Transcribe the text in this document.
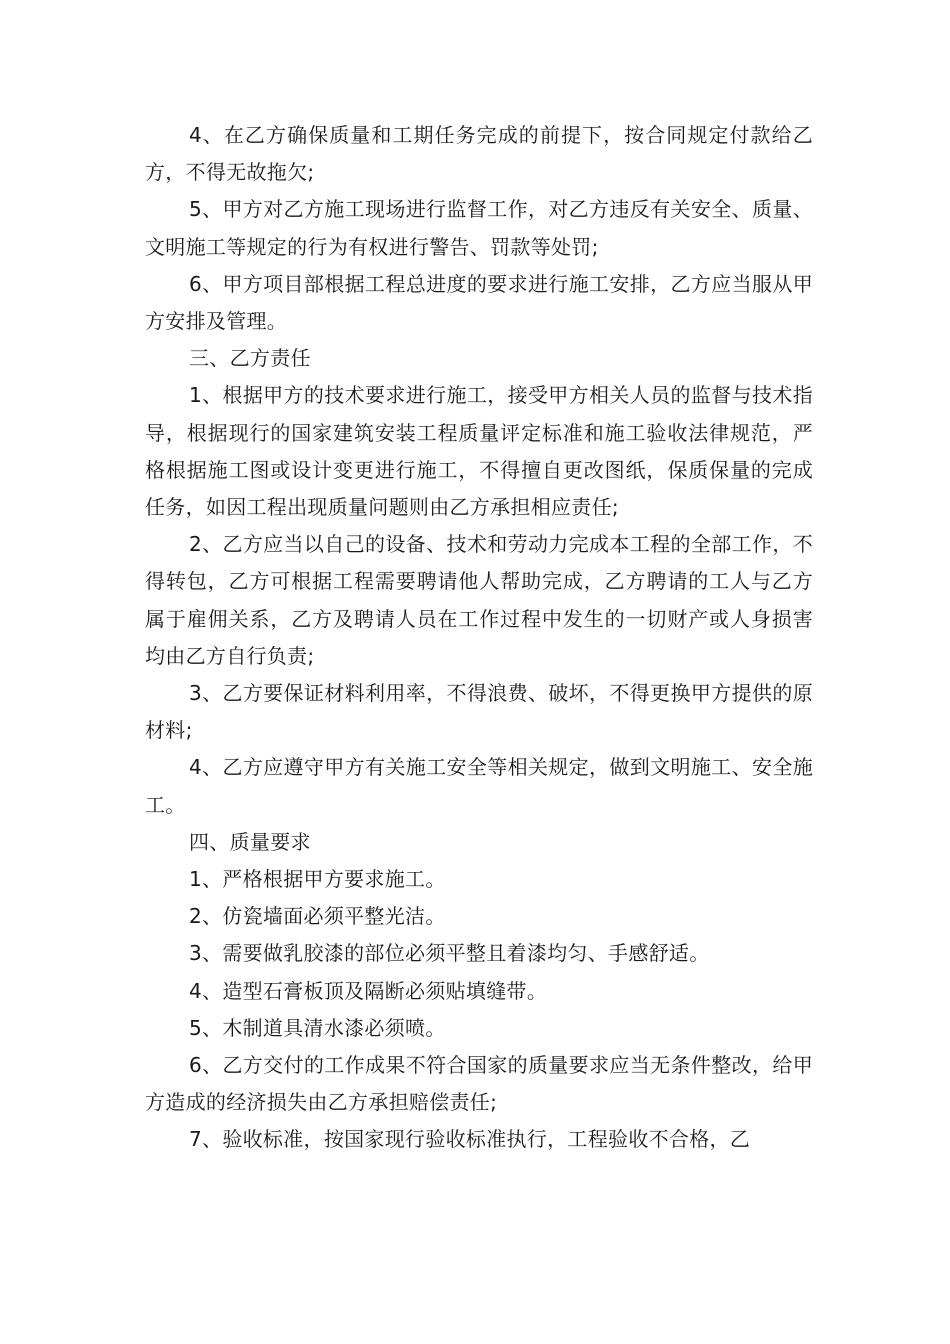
4、在乙方确保质量和工期任务完成的前提下，按合同规定付款给乙方，不得无故拖欠;

5、甲方对乙方施工现场进行监督工作，对乙方违反有关安全、质量、文明施工等规定的行为有权进行警告、罚款等处罚;

6、甲方项目部根据工程总进度的要求进行施工安排，乙方应当服从甲方安排及管理。

三、乙方责任

1、根据甲方的技术要求进行施工，接受甲方相关人员的监督与技术指导，根据现行的国家建筑安装工程质量评定标准和施工验收法律规范，严格根据施工图或设计变更进行施工，不得擅自更改图纸，保质保量的完成任务，如因工程出现质量问题则由乙方承担相应责任;

2、乙方应当以自己的设备、技术和劳动力完成本工程的全部工作，不得转包，乙方可根据工程需要聘请他人帮助完成，乙方聘请的工人与乙方属于雇佣关系，乙方及聘请人员在工作过程中发生的一切财产或人身损害均由乙方自行负责;

3、乙方要保证材料利用率，不得浪费、破坏，不得更换甲方提供的原材料;

4、乙方应遵守甲方有关施工安全等相关规定，做到文明施工、安全施工。

四、质量要求

1、严格根据甲方要求施工。

2、仿瓷墙面必须平整光洁。

3、需要做乳胶漆的部位必须平整且着漆均匀、手感舒适。

4、造型石膏板顶及隔断必须贴填缝带。

5、木制道具清水漆必须喷。

6、乙方交付的工作成果不符合国家的质量要求应当无条件整改，给甲方造成的经济损失由乙方承担赔偿责任;

7、验收标准，按国家现行验收标准执行，工程验收不合格，乙
